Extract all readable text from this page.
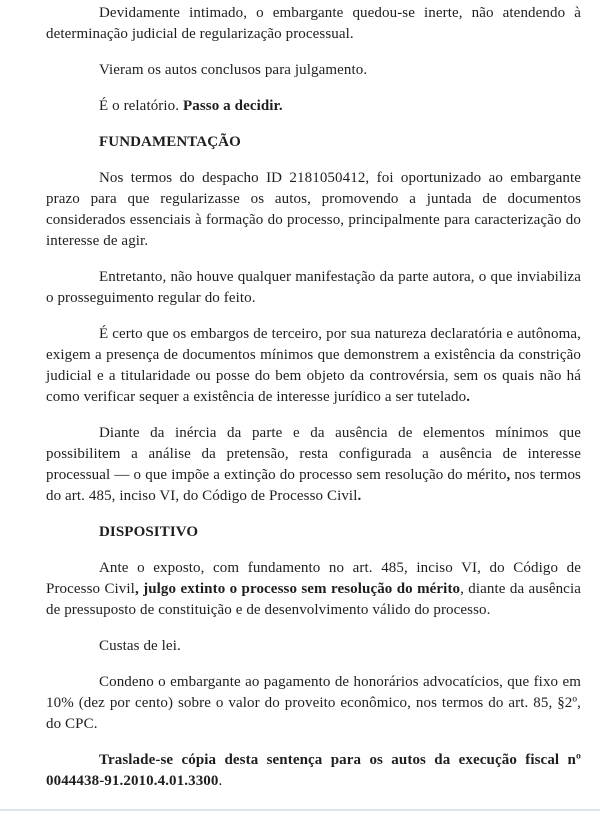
Devidamente intimado, o embargante quedou-se inerte, não atendendo à determinação judicial de regularização processual.

Vieram os autos conclusos para julgamento.

É o relatório. Passo a decidir.

FUNDAMENTAÇÃO

Nos termos do despacho ID 2181050412, foi oportunizado ao embargante prazo para que regularizasse os autos, promovendo a juntada de documentos considerados essenciais à formação do processo, principalmente para caracterização do interesse de agir.

Entretanto, não houve qualquer manifestação da parte autora, o que inviabiliza o prosseguimento regular do feito.

É certo que os embargos de terceiro, por sua natureza declaratória e autônoma, exigem a presença de documentos mínimos que demonstrem a existência da constrição judicial e a titularidade ou posse do bem objeto da controvérsia, sem os quais não há como verificar sequer a existência de interesse jurídico a ser tutelado.

Diante da inércia da parte e da ausência de elementos mínimos que possibilitem a análise da pretensão, resta configurada a ausência de interesse processual — o que impõe a extinção do processo sem resolução do mérito, nos termos do art. 485, inciso VI, do Código de Processo Civil.

DISPOSITIVO

Ante o exposto, com fundamento no art. 485, inciso VI, do Código de Processo Civil, julgo extinto o processo sem resolução do mérito, diante da ausência de pressuposto de constituição e de desenvolvimento válido do processo.

Custas de lei.

Condeno o embargante ao pagamento de honorários advocatícios, que fixo em 10% (dez por cento) sobre o valor do proveito econômico, nos termos do art. 85, §2º, do CPC.

Traslade-se cópia desta sentença para os autos da execução fiscal nº 0044438-91.2010.4.01.3300.
